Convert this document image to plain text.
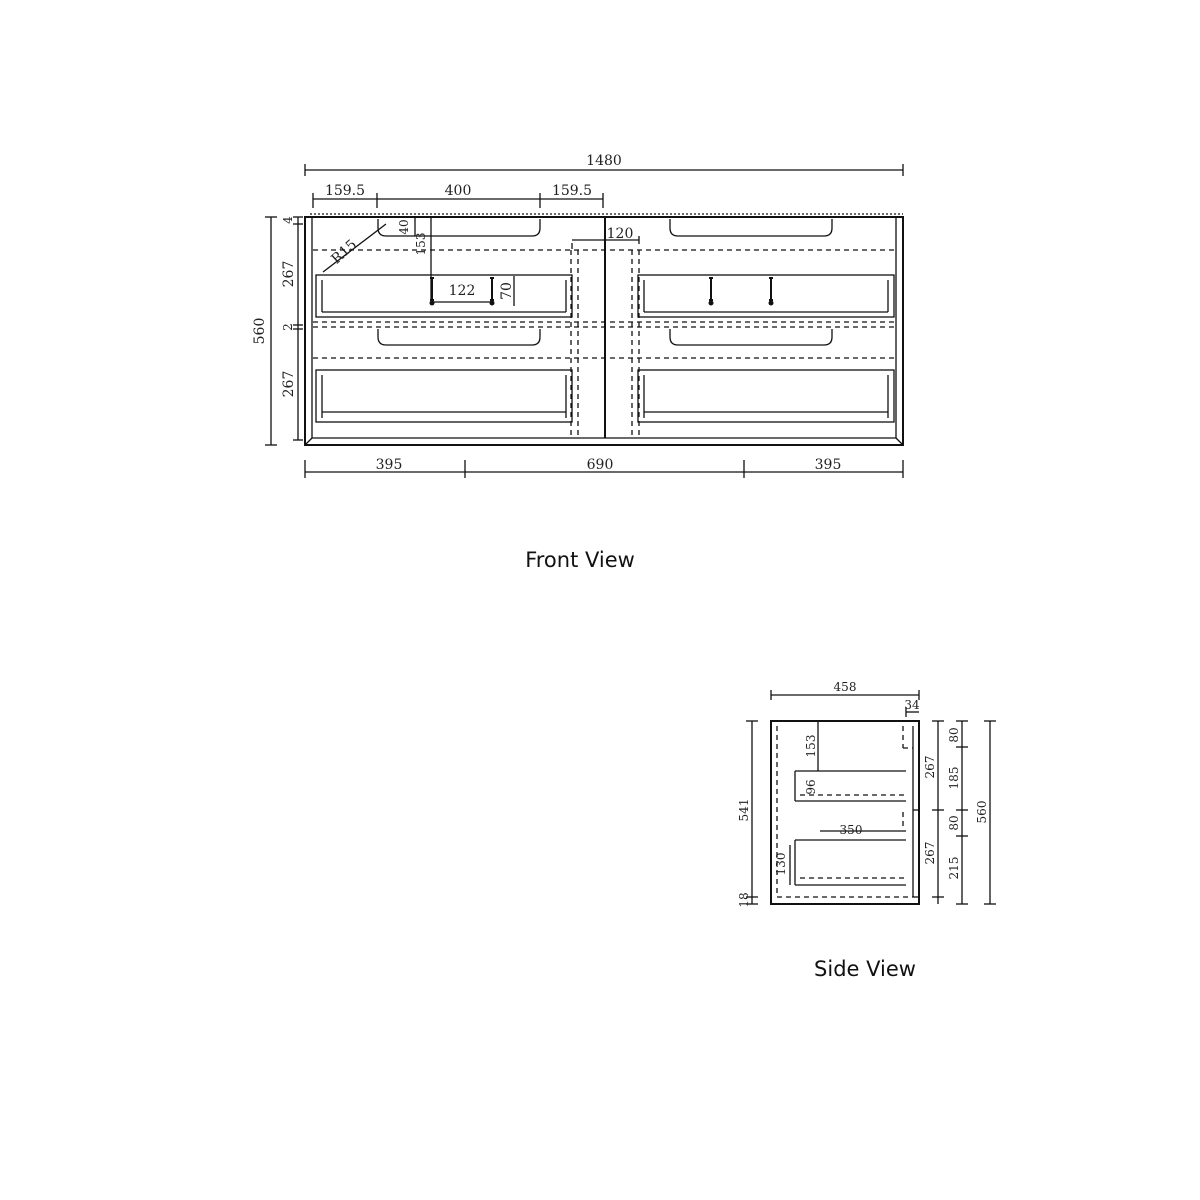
1480
159.5	400	159.5
560
4
267
2
267
R15
40
153
122 70
120
395	690	395
Front View
458
34
153
96
541
18
350
130
267
267
80
185
80
215
560
Side View
